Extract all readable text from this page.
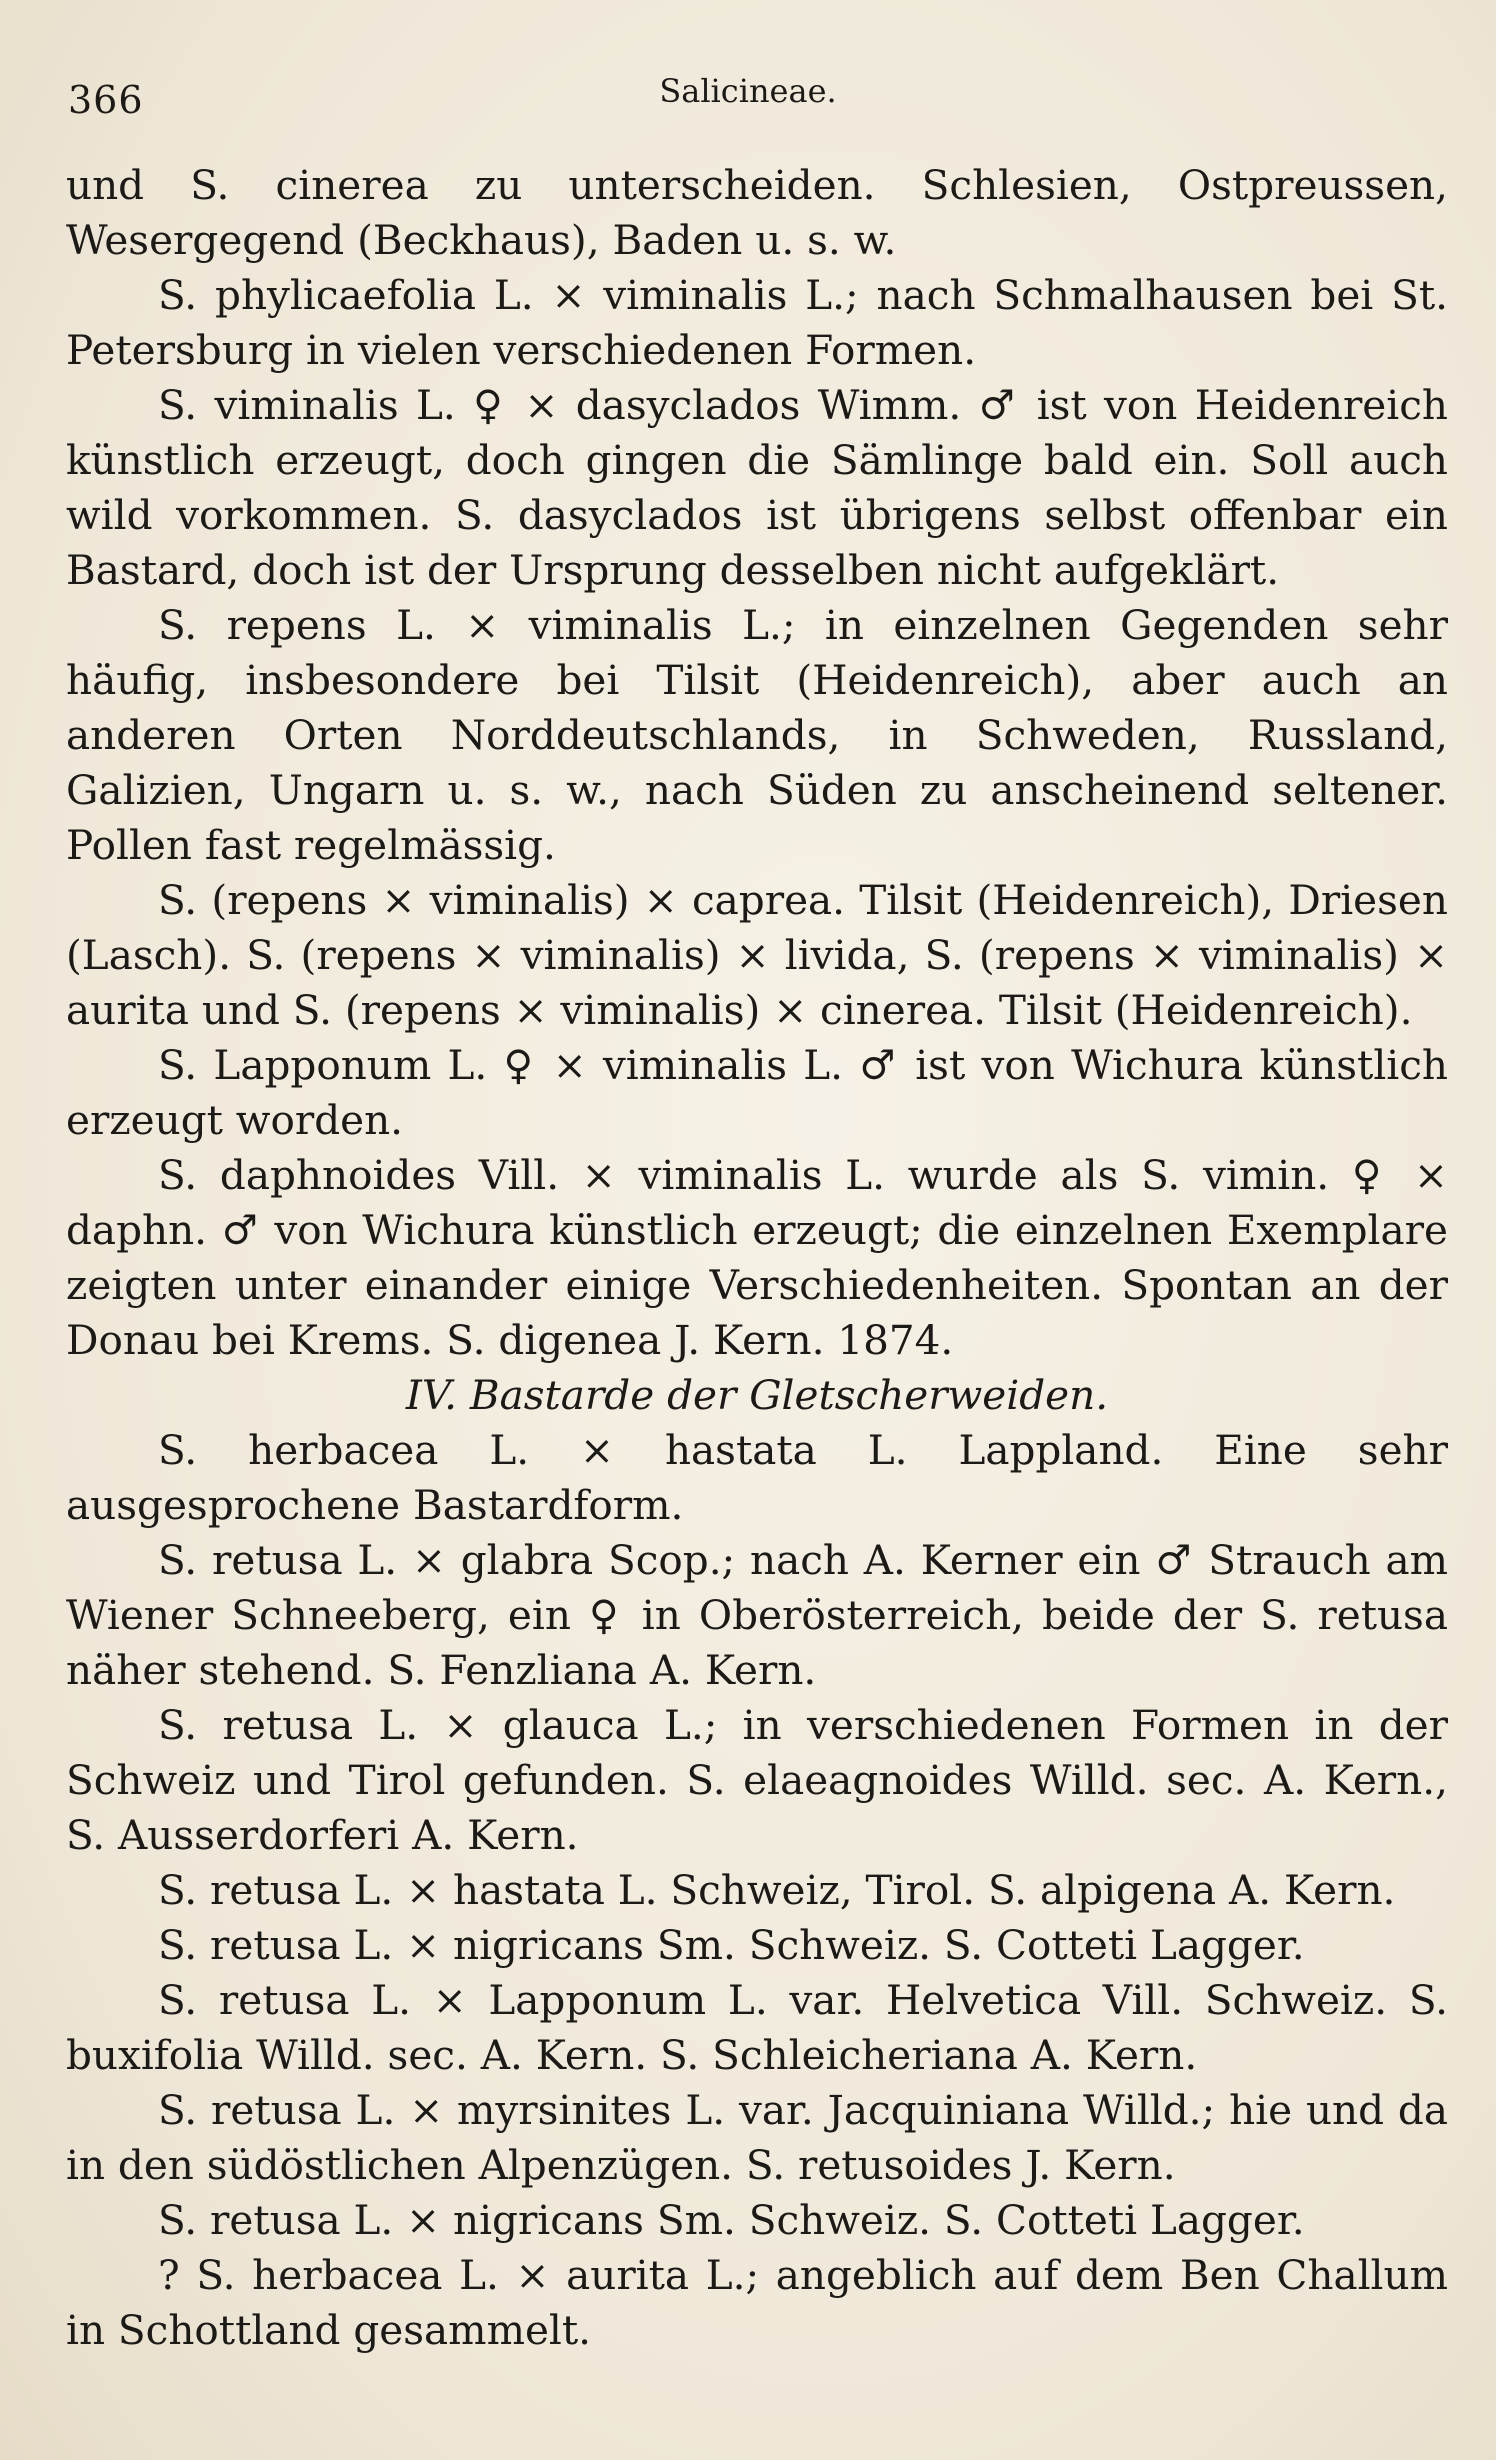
366	Salicineae.

und S. cinerea zu unterscheiden. Schlesien, Ostpreussen, Wesergegend (Beckhaus), Baden u. s. w.

S. phylicaefolia L. × viminalis L.; nach Schmalhausen bei St. Petersburg in vielen verschiedenen Formen.

S. viminalis L. ♀ × dasyclados Wimm. ♂ ist von Heidenreich künstlich erzeugt, doch gingen die Sämlinge bald ein. Soll auch wild vorkommen. S. dasyclados ist übrigens selbst offenbar ein Bastard, doch ist der Ursprung desselben nicht aufgeklärt.

S. repens L. × viminalis L.; in einzelnen Gegenden sehr häufig, insbesondere bei Tilsit (Heidenreich), aber auch an anderen Orten Norddeutschlands, in Schweden, Russland, Galizien, Ungarn u. s. w., nach Süden zu anscheinend seltener. Pollen fast regelmässig.

S. (repens × viminalis) × caprea. Tilsit (Heidenreich), Driesen (Lasch). S. (repens × viminalis) × livida, S. (repens × viminalis) × aurita und S. (repens × viminalis) × cinerea. Tilsit (Heidenreich).

S. Lapponum L. ♀ × viminalis L. ♂ ist von Wichura künstlich erzeugt worden.

S. daphnoides Vill. × viminalis L. wurde als S. vimin. ♀ × daphn. ♂ von Wichura künstlich erzeugt; die einzelnen Exemplare zeigten unter einander einige Verschiedenheiten. Spontan an der Donau bei Krems. S. digenea J. Kern. 1874.

IV. Bastarde der Gletscherweiden.

S. herbacea L. × hastata L. Lappland. Eine sehr ausgesprochene Bastardform.

S. retusa L. × glabra Scop.; nach A. Kerner ein ♂ Strauch am Wiener Schneeberg, ein ♀ in Oberösterreich, beide der S. retusa näher stehend. S. Fenzliana A. Kern.

S. retusa L. × glauca L.; in verschiedenen Formen in der Schweiz und Tirol gefunden. S. elaeagnoides Willd. sec. A. Kern., S. Ausserdorferi A. Kern.

S. retusa L. × hastata L. Schweiz, Tirol. S. alpigena A. Kern.

S. retusa L. × nigricans Sm. Schweiz. S. Cotteti Lagger.

S. retusa L. × Lapponum L. var. Helvetica Vill. Schweiz. S. buxifolia Willd. sec. A. Kern. S. Schleicheriana A. Kern.

S. retusa L. × myrsinites L. var. Jacquiniana Willd.; hie und da in den südöstlichen Alpenzügen. S. retusoides J. Kern.

S. retusa L. × nigricans Sm. Schweiz. S. Cotteti Lagger.

? S. herbacea L. × aurita L.; angeblich auf dem Ben Challum in Schottland gesammelt.
